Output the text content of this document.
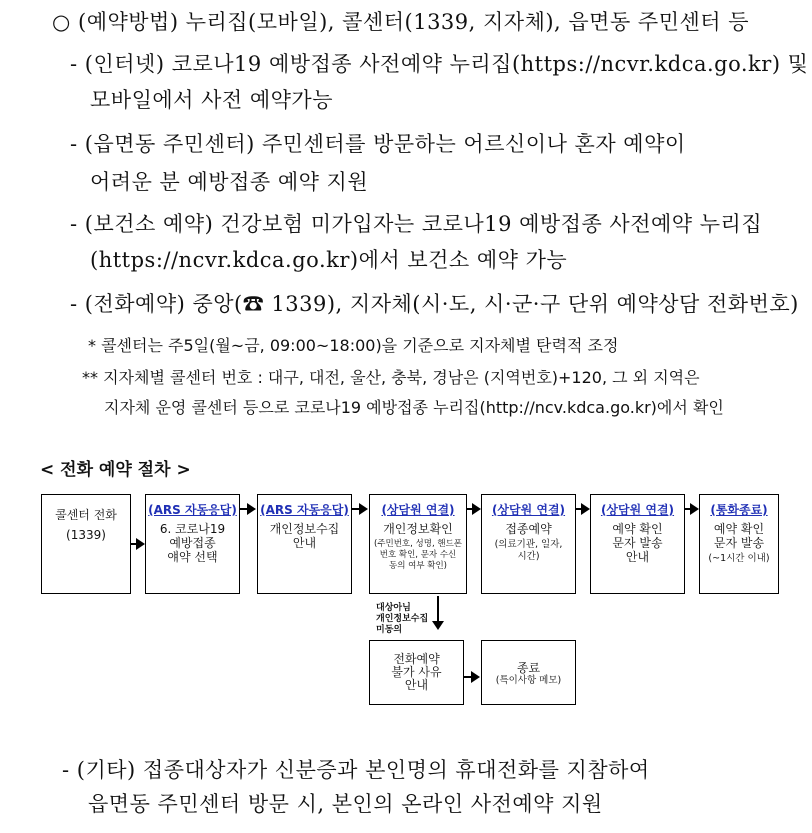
○ (예약방법) 누리집(모바일), 콜센터(1339, 지자체), 읍면동 주민센터 등
- (인터넷) 코로나19 예방접종 사전예약 누리집(https://ncvr.kdca.go.kr) 및
모바일에서 사전 예약가능
- (읍면동 주민센터) 주민센터를 방문하는 어르신이나 혼자 예약이
어려운 분 예방접종 예약 지원
- (보건소 예약) 건강보험 미가입자는 코로나19 예방접종 사전예약 누리집
(https://ncvr.kdca.go.kr)에서 보건소 예약 가능
- (전화예약) 중앙(☎ 1339), 지자체(시·도, 시·군·구 단위 예약상담 전화번호)
* 콜센터는 주5일(월~금, 09:00~18:00)을 기준으로 지자체별 탄력적 조정
** 지자체별 콜센터 번호 : 대구, 대전, 울산, 충북, 경남은 (지역번호)+120, 그 외 지역은
지자체 운영 콜센터 등으로 코로나19 예방접종 누리집(http://ncv.kdca.go.kr)에서 확인
< 전화 예약 절차 >
콜센터 전화
(1339)
(ARS 자동응답)
6. 코로나19
예방접종
얘약 선택
(ARS 자동응답)
개인정보수집
안내
(상담원 연결)
개인정보확인
(주민번호, 성명, 핸드폰
번호 확인, 문자 수신
동의 여부 확인)
(상담원 연결)
접종예약
(의료기관, 일자,
시간)
(상담원 연결)
예약 확인
문자 발송
안내
(통화종료)
예약 확인
문자 발송
(~1시간 이내)
대상아님
개인정보수집
미동의
전화예약
불가 사유
안내
종료
(특이사항 메모)
- (기타) 접종대상자가 신분증과 본인명의 휴대전화를 지참하여
읍면동 주민센터 방문 시, 본인의 온라인 사전예약 지원
